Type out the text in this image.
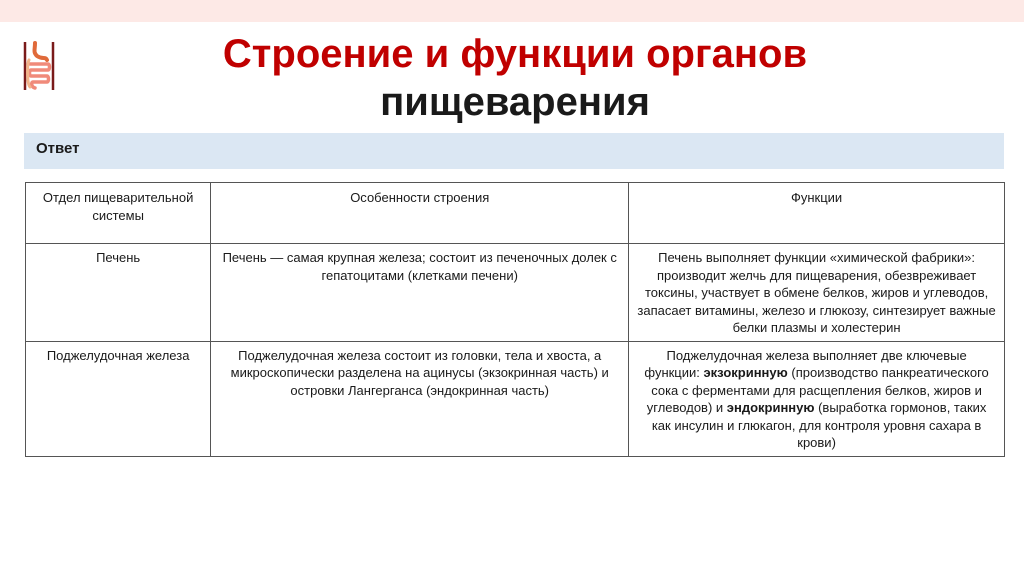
Строение и функции органов
пищеварения
Ответ
Отдел пищеварительной системы	Особенности строения	Функции
Печень	Печень — самая крупная железа; состоит из печеночных долек с гепатоцитами (клетками печени)	Печень выполняет функции «химической фабрики»: производит желчь для пищеварения, обезвреживает токсины, участвует в обмене белков, жиров и углеводов, запасает витамины, железо и глюкозу, синтезирует важные белки плазмы и холестерин
Поджелудочная железа	Поджелудочная железа состоит из головки, тела и хвоста, а микроскопически разделена на ацинусы (экзокринная часть) и островки Лангерганса (эндокринная часть)	Поджелудочная железа выполняет две ключевые функции: экзокринную (производство панкреатического сока с ферментами для расщепления белков, жиров и углеводов) и эндокринную (выработка гормонов, таких как инсулин и глюкагон, для контроля уровня сахара в крови)
